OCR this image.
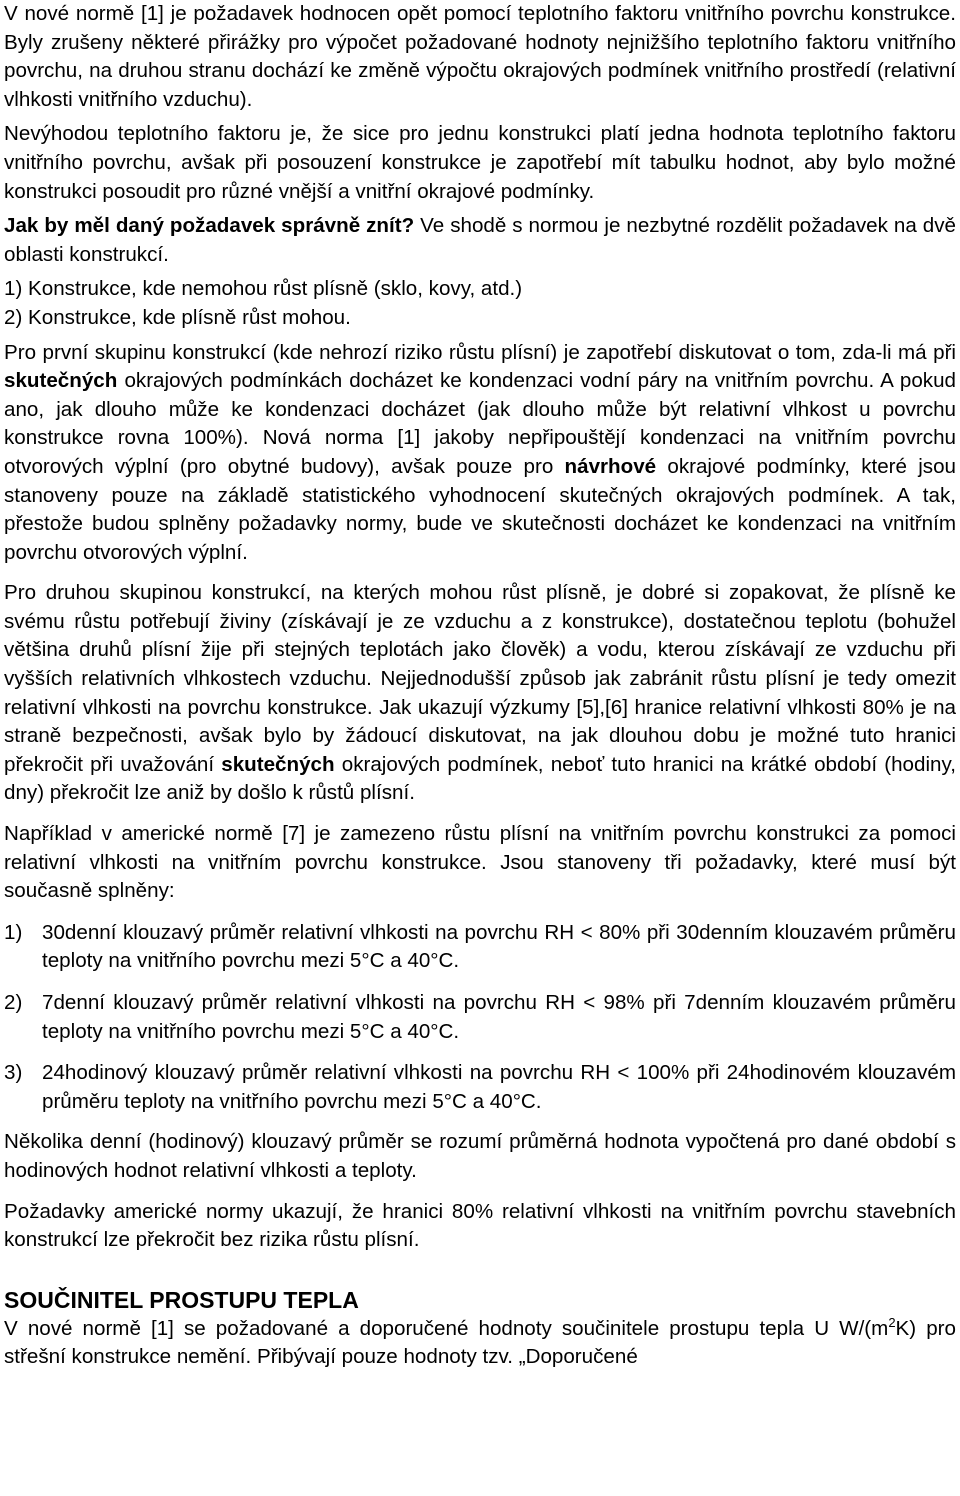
V nové normě [1] je požadavek hodnocen opět pomocí teplotního faktoru vnitřního povrchu konstrukce. Byly zrušeny některé přirážky pro výpočet požadované hodnoty nejnižšího teplotního faktoru vnitřního povrchu, na druhou stranu dochází ke změně výpočtu okrajových podmínek vnitřního prostředí (relativní vlhkosti vnitřního vzduchu).

Nevýhodou teplotního faktoru je, že sice pro jednu konstrukci platí jedna hodnota teplotního faktoru vnitřního povrchu, avšak při posouzení konstrukce je zapotřebí mít tabulku hodnot, aby bylo možné konstrukci posoudit pro různé vnější a vnitřní okrajové podmínky.

Jak by měl daný požadavek správně znít? Ve shodě s normou je nezbytné rozdělit požadavek na dvě oblasti konstrukcí.

1) Konstrukce, kde nemohou růst plísně (sklo, kovy, atd.)

2) Konstrukce, kde plísně růst mohou.

Pro první skupinu konstrukcí (kde nehrozí riziko růstu plísní) je zapotřebí diskutovat o tom, zda-li má při skutečných okrajových podmínkách docházet ke kondenzaci vodní páry na vnitřním povrchu. A pokud ano, jak dlouho může ke kondenzaci docházet (jak dlouho může být relativní vlhkost u povrchu konstrukce rovna 100%). Nová norma [1] jakoby nepřipouštějí kondenzaci na vnitřním povrchu otvorových výplní (pro obytné budovy), avšak pouze pro návrhové okrajové podmínky, které jsou stanoveny pouze na základě statistického vyhodnocení skutečných okrajových podmínek. A tak, přestože budou splněny požadavky normy, bude ve skutečnosti docházet ke kondenzaci na vnitřním povrchu otvorových výplní.

Pro druhou skupinou konstrukcí, na kterých mohou růst plísně, je dobré si zopakovat, že plísně ke svému růstu potřebují živiny (získávají je ze vzduchu a z konstrukce), dostatečnou teplotu (bohužel většina druhů plísní žije při stejných teplotách jako člověk) a vodu, kterou získávají ze vzduchu při vyšších relativních vlhkostech vzduchu. Nejjednodušší způsob jak zabránit růstu plísní je tedy omezit relativní vlhkosti na povrchu konstrukce. Jak ukazují výzkumy [5],[6] hranice relativní vlhkosti 80% je na straně bezpečnosti, avšak bylo by žádoucí diskutovat, na jak dlouhou dobu je možné tuto hranici překročit při uvažování skutečných okrajových podmínek, neboť tuto hranici na krátké období (hodiny, dny) překročit lze aniž by došlo k růstů plísní.

Například v americké normě [7] je zamezeno růstu plísní na vnitřním povrchu konstrukci za pomoci relativní vlhkosti na vnitřním povrchu konstrukce. Jsou stanoveny tři požadavky, které musí být současně splněny:

1) 30denní klouzavý průměr relativní vlhkosti na povrchu RH < 80% při 30denním klouzavém průměru teploty na vnitřního povrchu mezi 5°C a 40°C.
2) 7denní klouzavý průměr relativní vlhkosti na povrchu RH < 98% při 7denním klouzavém průměru teploty na vnitřního povrchu mezi 5°C a 40°C.
3) 24hodinový klouzavý průměr relativní vlhkosti na povrchu RH < 100% při 24hodinovém klouzavém průměru teploty na vnitřního povrchu mezi 5°C a 40°C.

Několika denní (hodinový) klouzavý průměr se rozumí průměrná hodnota vypočtená pro dané období s hodinových hodnot relativní vlhkosti a teploty.

Požadavky americké normy ukazují, že hranici 80% relativní vlhkosti na vnitřním povrchu stavebních konstrukcí lze překročit bez rizika růstu plísní.

SOUČINITEL PROSTUPU TEPLA

V nové normě [1] se požadované a doporučené hodnoty součinitele prostupu tepla U $W/(m^2K)$ pro střešní konstrukce nemění. Přibývají pouze hodnoty tzv. „Doporučené
